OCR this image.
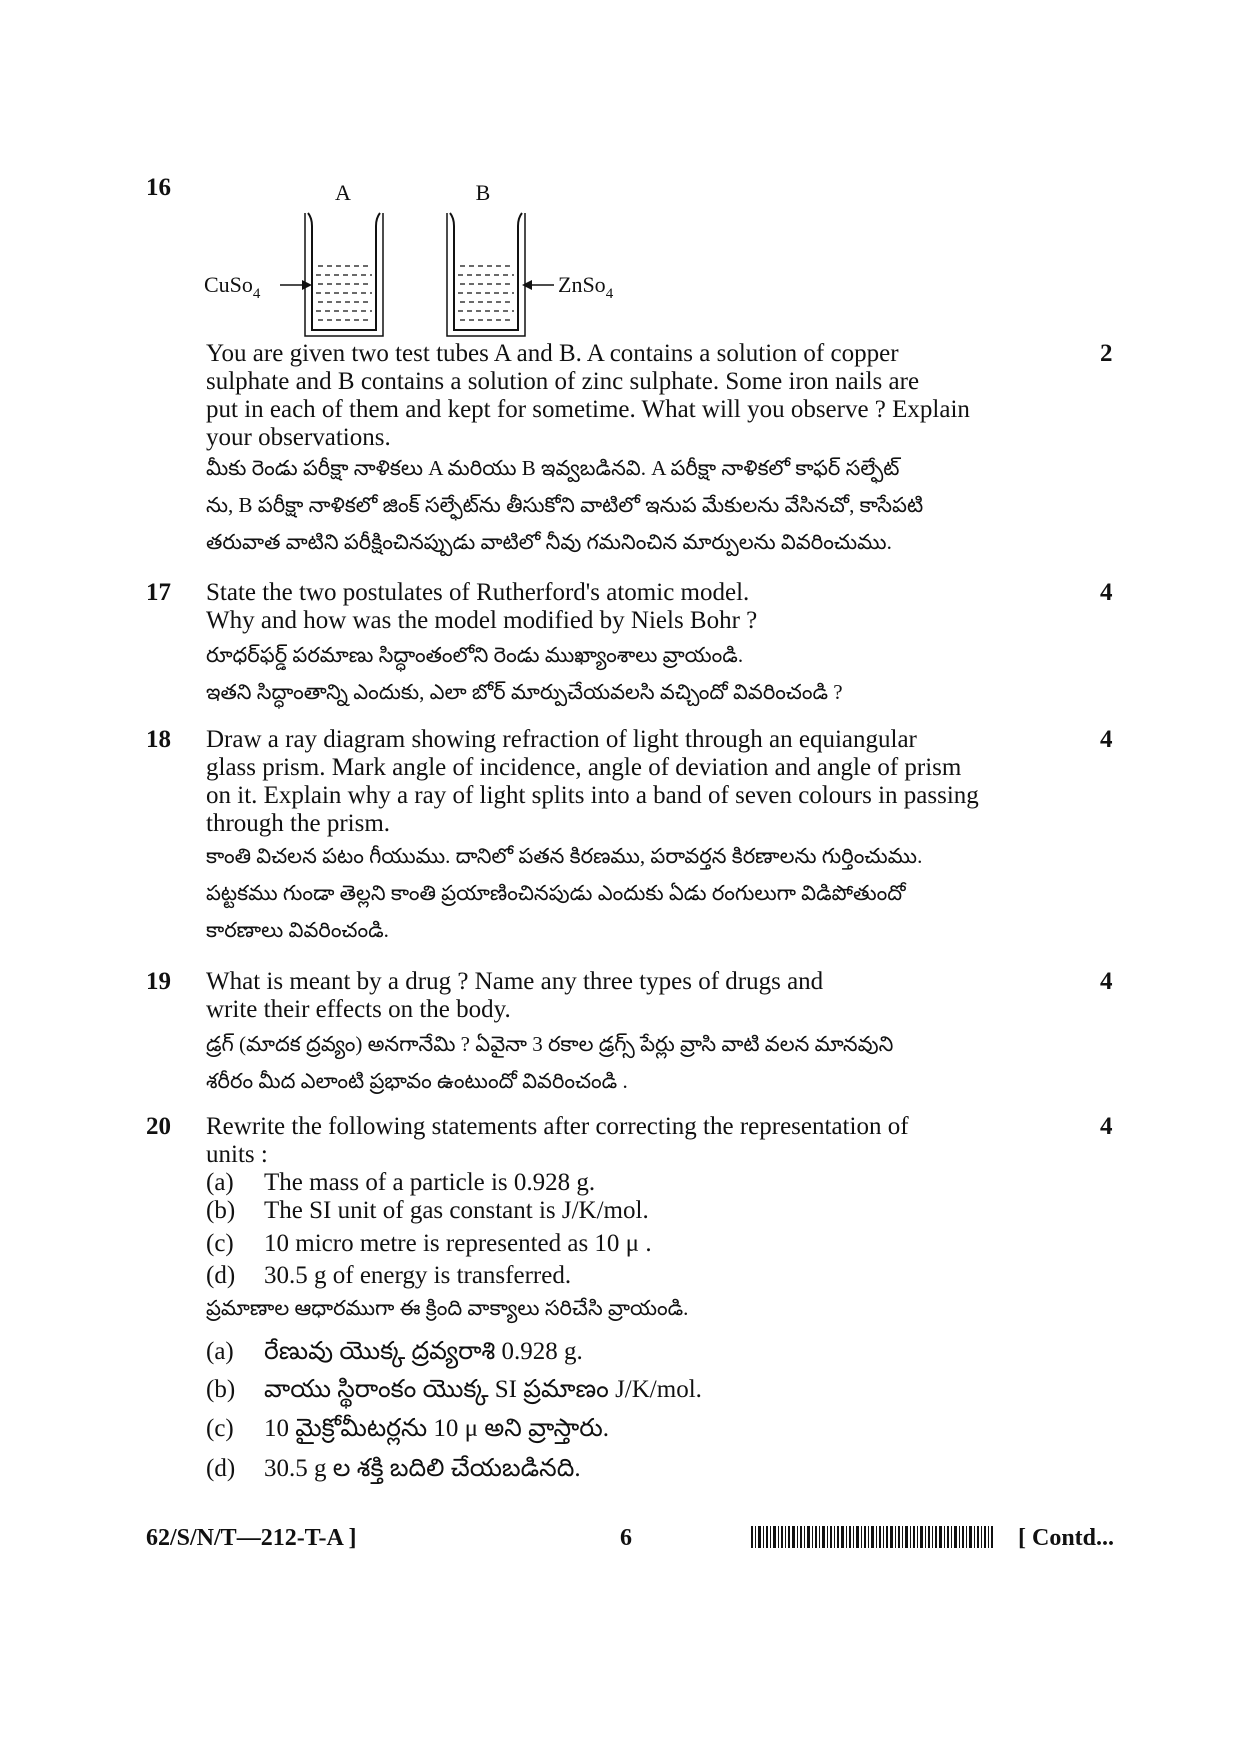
16	A	B
CuSo$_4$	ZnSo$_4$
2

You are given two test tubes A and B. A contains a solution of copper
sulphate and B contains a solution of zinc sulphate. Some iron nails are
put in each of them and kept for sometime. What will you observe ? Explain
your observations.

మీకు రెండు పరీక్షా నాళికలు A మరియు B ఇవ్వబడినవి. A పరీక్షా నాళికలో కాఫర్ సల్ఫేట్
ను, B పరీక్షా నాళికలో జింక్ సల్ఫేట్‌ను తీసుకోని వాటిలో ఇనుప మేకులను వేసినచో, కాసేపటి
తరువాత వాటిని పరీక్షించినప్పుడు వాటిలో నీవు గమనించిన మార్పులను వివరించుము.

17	4

State the two postulates of Rutherford's atomic model.
Why and how was the model modified by Niels Bohr ?

రూధర్‌ఫర్డ్ పరమాణు సిద్ధాంతంలోని రెండు ముఖ్యాంశాలు వ్రాయండి.
ఇతని సిద్ధాంతాన్ని ఎందుకు, ఎలా బోర్ మార్పుచేయవలసి వచ్చిందో వివరించండి ?

18	4

Draw a ray diagram showing refraction of light through an equiangular
glass prism. Mark angle of incidence, angle of deviation and angle of prism
on it. Explain why a ray of light splits into a band of seven colours in passing
through the prism.

కాంతి విచలన పటం గీయుము. దానిలో పతన కిరణము, పరావర్తన కిరణాలను గుర్తించుము.
పట్టకము గుండా తెల్లని కాంతి ప్రయాణించినపుడు ఎందుకు ఏడు రంగులుగా విడిపోతుందో
కారణాలు వివరించండి.

19	4

What is meant by a drug ? Name any three types of drugs and
write their effects on the body.

డ్రగ్ (మాదక ద్రవ్యం) అనగానేమి ? ఏవైనా 3 రకాల డ్రగ్స్ పేర్లు వ్రాసి వాటి వలన మానవుని
శరీరం మీద ఎలాంటి ప్రభావం ఉంటుందో వివరించండి .

20	4

Rewrite the following statements after correcting the representation of
units :

(a) The mass of a particle is 0.928 g.
(b) The SI unit of gas constant is J/K/mol.
(c) 10 micro metre is represented as 10 μ .
(d) 30.5 g of energy is transferred.

ప్రమాణాల ఆధారముగా ఈ క్రింది వాక్యాలు సరిచేసి వ్రాయండి.

(a) రేణువు యొక్క ద్రవ్యరాశి 0.928 g.
(b) వాయు స్థిరాంకం యొక్క SI ప్రమాణం J/K/mol.
(c) 10 మైక్రోమీటర్లను 10 μ అని వ్రాస్తారు.
(d) 30.5 g ల శక్తి బదిలి చేయబడినది.
62/S/N/T—212-T-A ]	6	[ Contd...
